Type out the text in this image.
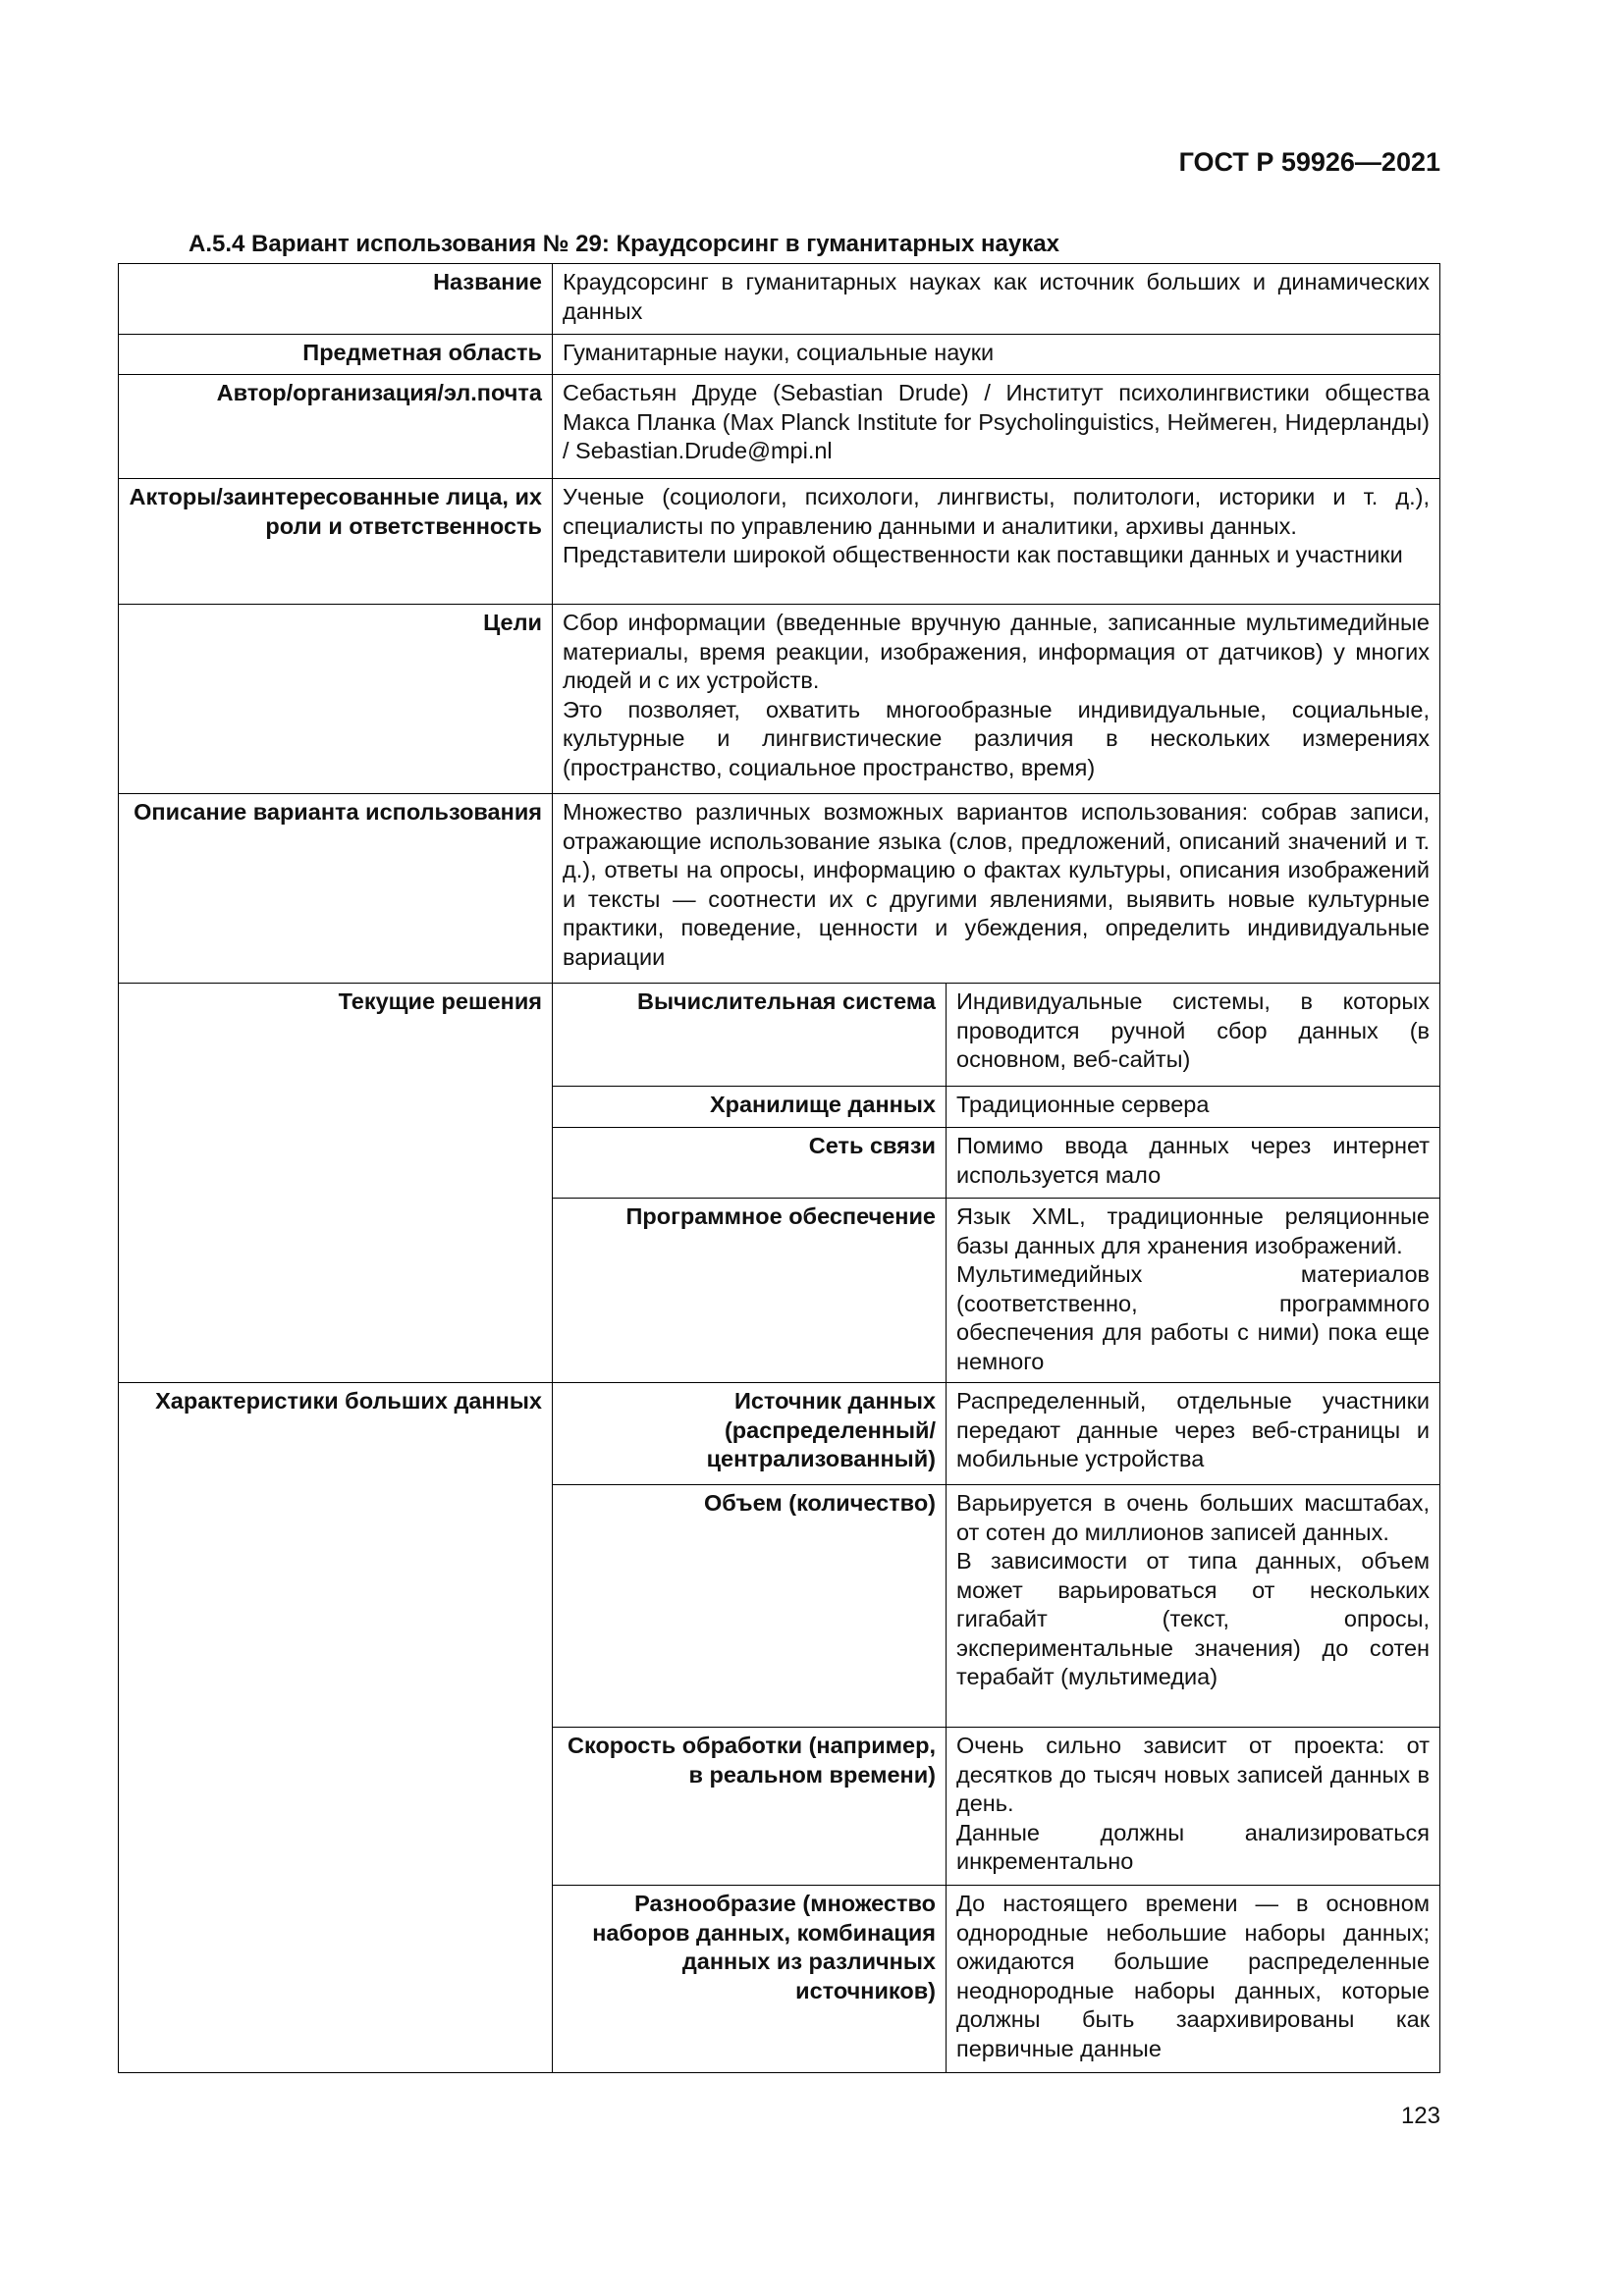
ГОСТ Р 59926—2021
А.5.4 Вариант использования № 29: Краудсорсинг в гуманитарных науках
Название	Краудсорсинг в гуманитарных науках как источник больших и динамических данных	
Предметная область	Гуманитарные науки, социальные науки	
Автор/организация/эл.почта	Себастьян Друде (Sebastian Drude) / Институт психолингвистики общества Макса Планка (Max Planck Institute for Psycholinguistics, Неймеген, Нидерланды) / Sebastian.Drude@mpi.nl	
Акторы/заинтересованные лица, их роли и ответственность	Ученые (социологи, психологи, лингвисты, политологи, историки и т. д.), специалисты по управлению данными и аналитики, архивы данных.
Представители широкой общественности как поставщики данных и участники	

Цели	Сбор информации (введенные вручную данные, записанные мультимедийные материалы, время реакции, изображения, информация от датчиков) у многих людей и с их устройств.
Это позволяет, охватить многообразные индивидуальные, социальные, культурные и лингвистические различия в нескольких измерениях (пространство, социальное пространство, время)	

Описание варианта использования	Множество различных возможных вариантов использования: собрав записи, отражающие использование языка (слов, предложений, описаний значений и т. д.), ответы на опросы, информацию о фактах культуры, описания изображений и тексты — соотнести их с другими явлениями, выявить новые культурные практики, поведение, ценности и убеждения, определить индивидуальные вариации	
Текущие решения	Вычислительная система	Индивидуальные системы, в которых проводится ручной сбор данных (в основном, веб-сайты)
	Хранилище данных	Традиционные сервера
	Сеть связи	Помимо ввода данных через интернет используется мало
	Программное обеспечение	Язык XML, традиционные реляционные базы данных для хранения изображений.
Мультимедийных материалов (соответственно, программного обеспечения для работы с ними) пока еще немного

Характеристики больших данных	Источник данных (распределенный/ централизованный)	Распределенный, отдельные участники передают данные через веб-страницы и мобильные устройства
	Объем (количество)	Варьируется в очень больших масштабах, от сотен до миллионов записей данных.
В зависимости от типа данных, объем может варьироваться от нескольких гигабайт (текст, опросы, экспериментальные значения) до сотен терабайт (мультимедиа)

	Скорость обработки (например, в реальном времени)	Очень сильно зависит от проекта: от десятков до тысяч новых записей данных в день.
Данные должны анализироваться инкрементально

	Разнообразие (множество наборов данных, комбинация данных из различных источников)	До настоящего времени — в основном однородные небольшие наборы данных; ожидаются большие распределенные неоднородные наборы данных, которые должны быть заархивированы как первичные данные
123
